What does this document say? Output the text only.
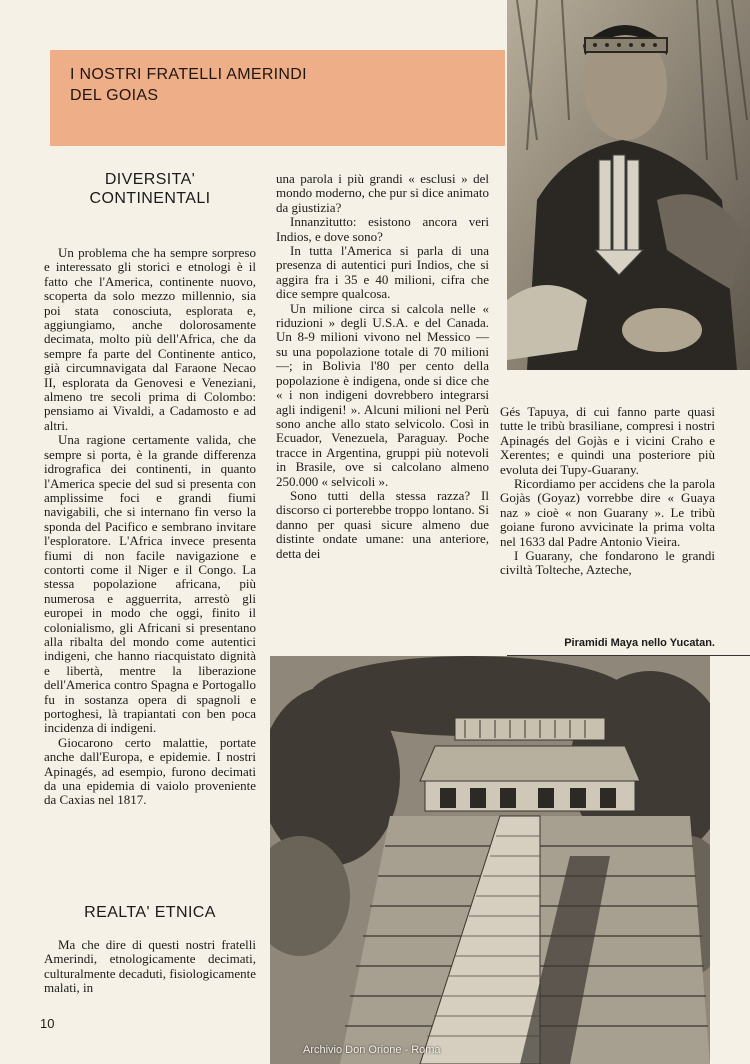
I NOSTRI FRATELLI AMERINDI
DEL GOIAS
DIVERSITA'
CONTINENTALI

Un problema che ha sempre sorpreso e interessato gli storici e etnologi è il fatto che l'America, continente nuovo, scoperta da solo mezzo millennio, sia poi stata conosciuta, esplorata e, aggiungiamo, anche dolorosamente decimata, molto più dell'Africa, che da sempre fa parte del Continente antico, già circumnavigata dal Faraone Necao II, esplorata da Genovesi e Veneziani, almeno tre secoli prima di Colombo: pensiamo ai Vivaldi, a Cadamosto e ad altri.

Una ragione certamente valida, che sempre si porta, è la grande differenza idrografica dei continenti, in quanto l'America specie del sud si presenta con amplissime foci e grandi fiumi navigabili, che si internano fin verso la sponda del Pacifico e sembrano invitare l'esploratore. L'Africa invece presenta fiumi di non facile navigazione e contorti come il Niger e il Congo. La stessa popolazione africana, più numerosa e agguerrita, arrestò gli europei in modo che oggi, finito il colonialismo, gli Africani si presentano alla ribalta del mondo come autentici indigeni, che hanno riacquistato dignità e libertà, mentre la liberazione dell'America contro Spagna e Portogallo fu in sostanza opera di spagnoli e portoghesi, là trapiantati con ben poca incidenza di indigeni.

Giocarono certo malattie, portate anche dall'Europa, e epidemie. I nostri Apinagés, ad esempio, furono decimati da una epidemia di vaiolo proveniente da Caxias nel 1817.

REALTA' ETNICA

Ma che dire di questi nostri fratelli Amerindi, etnologicamente decimati, culturalmente decaduti, fisiologicamente malati, in

una parola i più grandi « esclusi » del mondo moderno, che pur si dice animato da giustizia?

Innanzitutto: esistono ancora veri Indios, e dove sono?

In tutta l'America si parla di una presenza di autentici puri Indios, che si aggira fra i 35 e 40 milioni, cifra che dice sempre qualcosa.

Un milione circa si calcola nelle « riduzioni » degli U.S.A. e del Canada. Un 8-9 milioni vivono nel Messico — su una popolazione totale di 70 milioni —; in Bolivia l'80 per cento della popolazione è indigena, onde si dice che « i non indigeni dovrebbero integrarsi agli indigeni! ». Alcuni milioni nel Perù sono anche allo stato selvicolo. Così in Ecuador, Venezuela, Paraguay. Poche tracce in Argentina, gruppi più notevoli in Brasile, ove si calcolano almeno 250.000 « selvicoli ».

Sono tutti della stessa razza? Il discorso ci porterebbe troppo lontano. Si danno per quasi sicure almeno due distinte ondate umane: una anteriore, detta dei

Gés Tapuya, di cui fanno parte quasi tutte le tribù brasiliane, compresi i nostri Apinagés del Gojàs e i vicini Craho e Xerentes; e quindi una posteriore più evoluta dei Tupy-Guarany.

Ricordiamo per accidens che la parola Gojàs (Goyaz) vorrebbe dire « Guaya naz » cioè « non Guarany ». Le tribù goiane furono avvicinate la prima volta nel 1633 dal Padre Antonio Vieira.

I Guarany, che fondarono le grandi civiltà Tolteche, Azteche,

Piramidi Maya nello Yucatan.
10
Archivio Don Orione - Roma
